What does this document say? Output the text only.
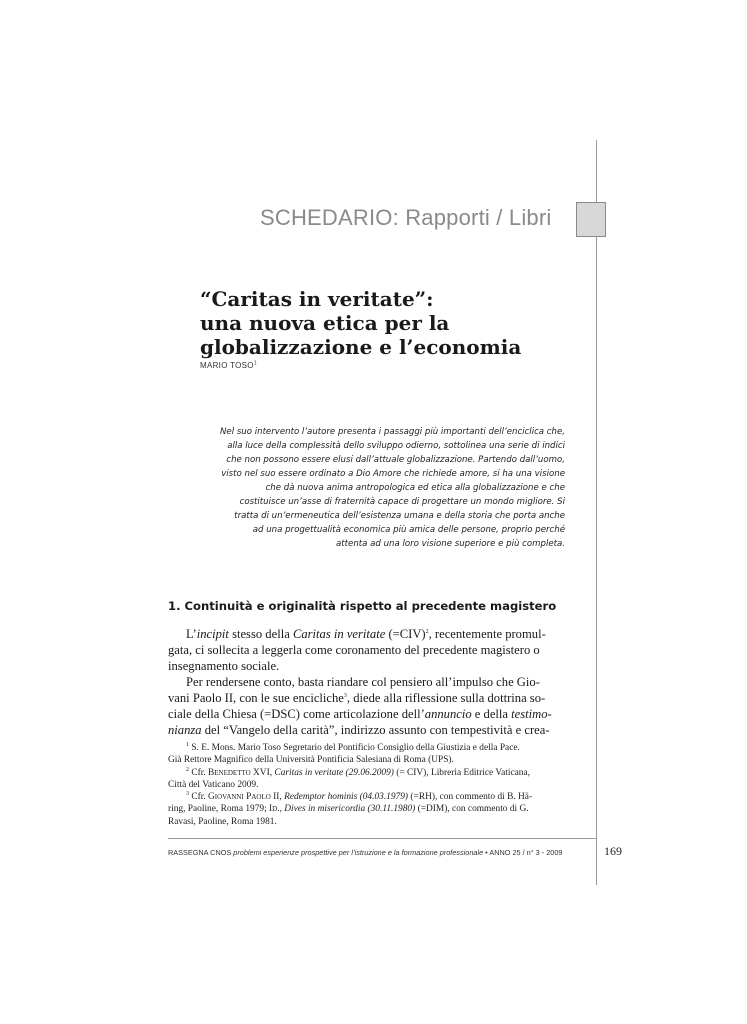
SCHEDARIO: Rapporti / Libri
“Caritas in veritate”:
una nuova etica per la
globalizzazione e l’economia
MARIO TOSO$^1$
Nel suo intervento l’autore presenta i passaggi più importanti dell’enciclica che,
alla luce della complessità dello sviluppo odierno, sottolinea una serie di indici
che non possono essere elusi dall’attuale globalizzazione. Partendo dall’uomo,
visto nel suo essere ordinato a Dio Amore che richiede amore, si ha una visione
che dà nuova anima antropologica ed etica alla globalizzazione e che
costituisce un’asse di fraternità capace di progettare un mondo migliore. Si
tratta di un’ermeneutica dell’esistenza umana e della storia che porta anche
ad una progettualità economica più amica delle persone, proprio perché
attenta ad una loro visione superiore e più completa.
1. Continuità e originalità rispetto al precedente magistero
L’incipit stesso della Caritas in veritate (=CIV)$^2$, recentemente promul-
gata, ci sollecita a leggerla come coronamento del precedente magistero o
insegnamento sociale.
Per rendersene conto, basta riandare col pensiero all’impulso che Gio-
vani Paolo II, con le sue encicliche$^3$, diede alla riflessione sulla dottrina so-
ciale della Chiesa (=DSC) come articolazione dell’annuncio e della testimo-
nianza del “Vangelo della carità”, indirizzo assunto con tempestività e crea-
$^1$ S. E. Mons. Mario Toso Segretario del Pontificio Consiglio della Giustizia e della Pace.
Già Rettore Magnifico della Università Pontificia Salesiana di Roma (UPS).
$^2$ Cfr. Benedetto XVI, Caritas in veritate (29.06.2009) (= CIV), Libreria Editrice Vaticana,
Città del Vaticano 2009.
$^3$ Cfr. Giovanni Paolo II, Redemptor hominis (04.03.1979) (=RH), con commento di B. Hä-
ring, Paoline, Roma 1979; Id., Dives in misericordia (30.11.1980) (=DIM), con commento di G.
Ravasi, Paoline, Roma 1981.
RASSEGNA CNOS problemi esperienze prospettive per l’istruzione e la formazione professionale • ANNO 25 / n° 3 - 2009	169
